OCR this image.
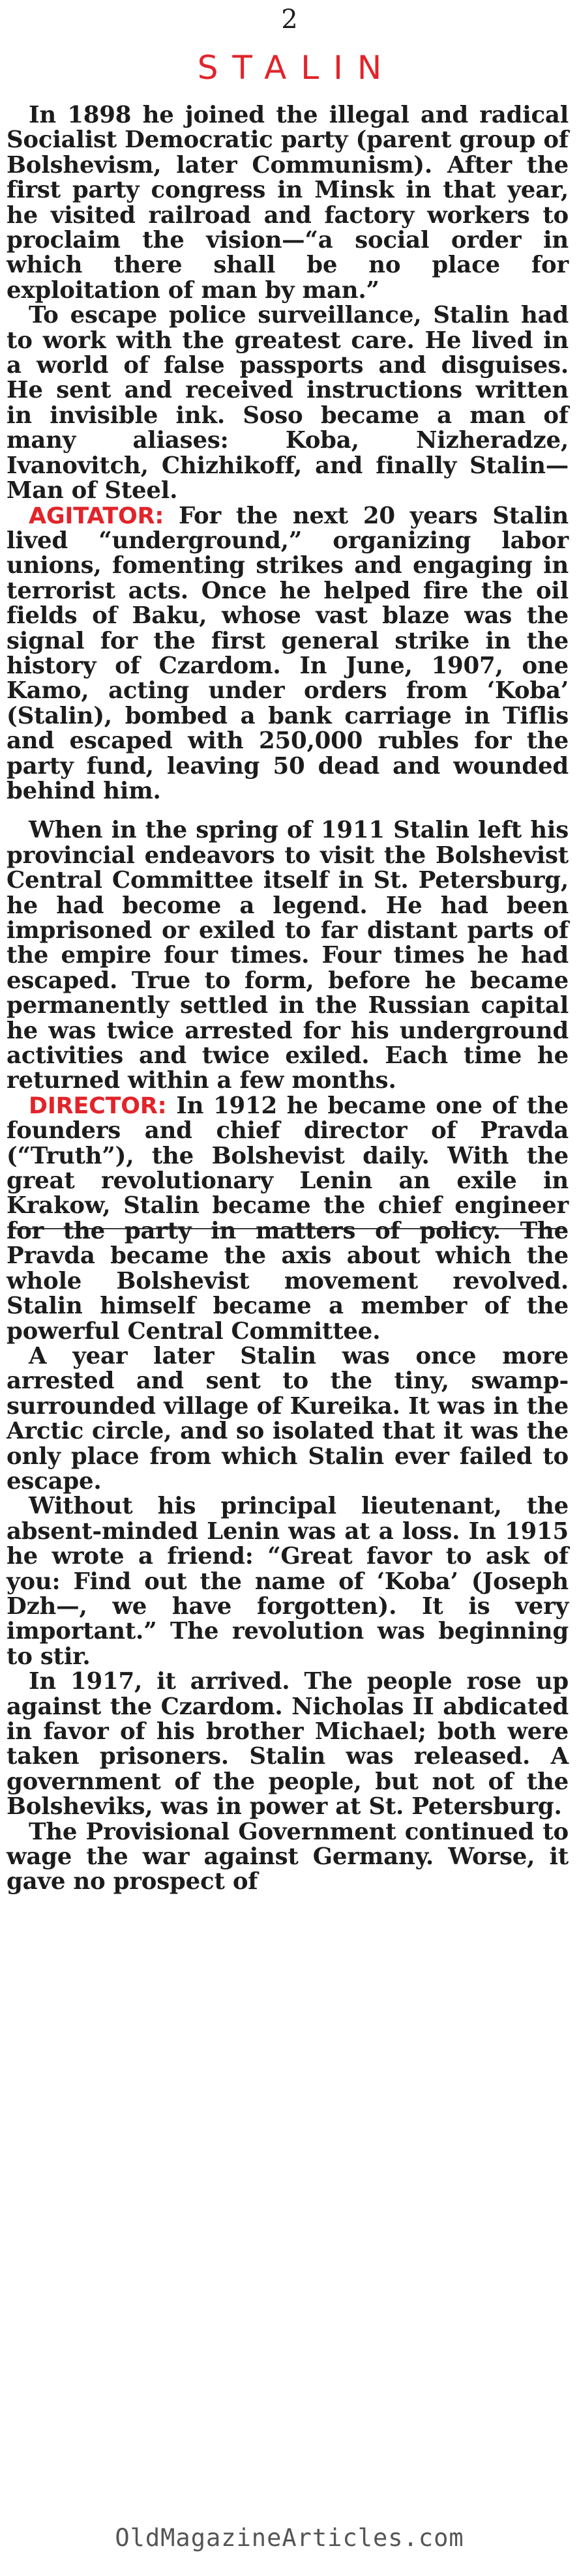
2
STALIN

In 1898 he joined the illegal and radical Socialist Democratic party (parent group of Bolshevism, later Communism). After the first party congress in Minsk in that year, he visited railroad and factory workers to proclaim the vision—“a social order in which there shall be no place for exploitation of man by man.”

To escape police surveillance, Stalin had to work with the greatest care. He lived in a world of false passports and disguises. He sent and received instructions written in invisible ink. Soso became a man of many aliases: Koba, Nizheradze, Ivanovitch, Chizhikoff, and finally Stalin—Man of Steel.

AGITATOR: For the next 20 years Stalin lived “underground,” organizing labor unions, fomenting strikes and engaging in terrorist acts. Once he helped fire the oil fields of Baku, whose vast blaze was the signal for the first general strike in the history of Czardom. In June, 1907, one Kamo, acting under orders from ‘Koba’ (Stalin), bombed a bank carriage in Tiflis and escaped with 250,000 rubles for the party fund, leaving 50 dead and wounded behind him.

When in the spring of 1911 Stalin left his provincial endeavors to visit the Bolshevist Central Committee itself in St. Petersburg, he had become a legend. He had been imprisoned or exiled to far distant parts of the empire four times. Four times he had escaped. True to form, before he became permanently settled in the Russian capital he was twice arrested for his underground activities and twice exiled. Each time he returned within a few months.

DIRECTOR: In 1912 he became one of the founders and chief director of Pravda (“Truth”), the Bolshevist daily. With the great revolutionary Lenin an exile in Krakow, Stalin became the chief engineer for the party in matters of policy. The Pravda became the axis about which the whole Bolshevist movement revolved. Stalin himself became a member of the powerful Central Committee.

A year later Stalin was once more arrested and sent to the tiny, swamp-surrounded village of Kureika. It was in the Arctic circle, and so isolated that it was the only place from which Stalin ever failed to escape.

Without his principal lieutenant, the absent-minded Lenin was at a loss. In 1915 he wrote a friend: “Great favor to ask of you: Find out the name of ‘Koba’ (Joseph Dzh—, we have forgotten). It is very important.” The revolution was beginning to stir.

In 1917, it arrived. The people rose up against the Czardom. Nicholas II abdicated in favor of his brother Michael; both were taken prisoners. Stalin was released. A government of the people, but not of the Bolsheviks, was in power at St. Petersburg.

The Provisional Government continued to wage the war against Germany. Worse, it gave no prospect of

OldMagazineArticles.com
